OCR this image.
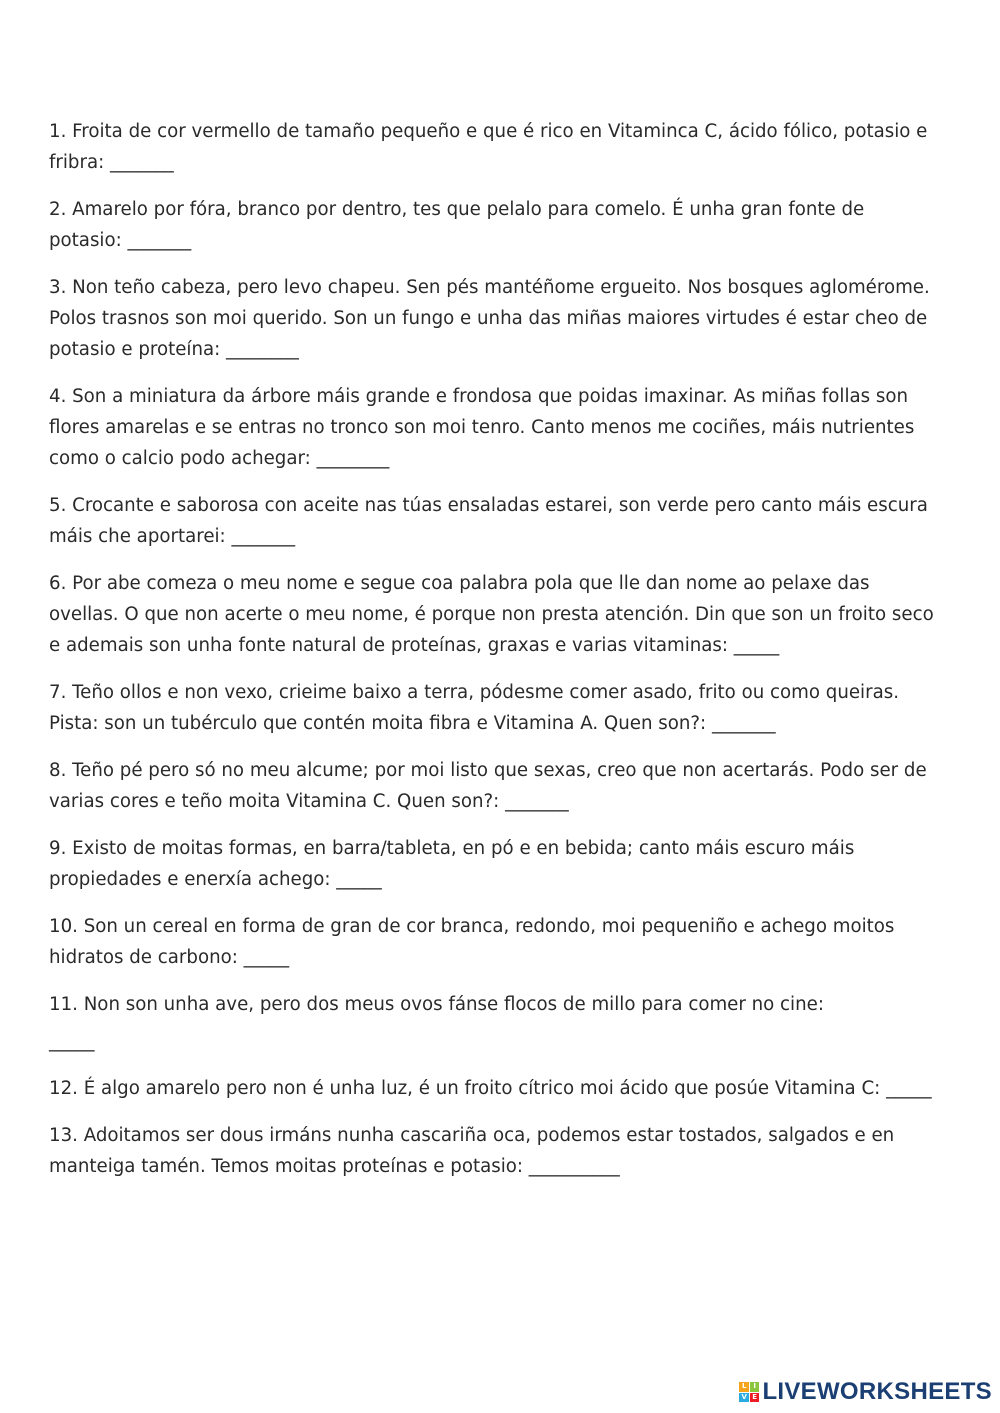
1. Froita de cor vermello de tamaño pequeño e que é rico en Vitaminca C, ácido fólico, potasio e fribra: _______

2. Amarelo por fóra, branco por dentro, tes que pelalo para comelo. É unha gran fonte de potasio: _______

3. Non teño cabeza, pero levo chapeu. Sen pés mantéñome ergueito. Nos bosques aglomérome. Polos trasnos son moi querido. Son un fungo e unha das miñas maiores virtudes é estar cheo de potasio e proteína: ________

4. Son a miniatura da árbore máis grande e frondosa que poidas imaxinar. As miñas follas son flores amarelas e se entras no tronco son moi tenro. Canto menos me cociñes, máis nutrientes como o calcio podo achegar: ________

5. Crocante e saborosa con aceite nas túas ensaladas estarei, son verde pero canto máis escura máis che aportarei: _______

6. Por abe comeza o meu nome e segue coa palabra pola que lle dan nome ao pelaxe das ovellas. O que non acerte o meu nome, é porque non presta atención. Din que son un froito seco e ademais son unha fonte natural de proteínas, graxas e varias vitaminas: _____

7. Teño ollos e non vexo, crieime baixo a terra, pódesme comer asado, frito ou como queiras. Pista: son un tubérculo que contén moita fibra e Vitamina A. Quen son?: _______

8. Teño pé pero só no meu alcume; por moi listo que sexas, creo que non acertarás. Podo ser de varias cores e teño moita Vitamina C. Quen son?: _______

9. Existo de moitas formas, en barra/tableta, en pó e en bebida; canto máis escuro máis propiedades e enerxía achego: _____

10. Son un cereal en forma de gran de cor branca, redondo, moi pequeniño e achego moitos hidratos de carbono: _____

11. Non son unha ave, pero dos meus ovos fánse flocos de millo para comer no cine:

_____

12. É algo amarelo pero non é unha luz, é un froito cítrico moi ácido que posúe Vitamina C: _____

13. Adoitamos ser dous irmáns nunha cascariña oca, podemos estar tostados, salgados e en manteiga tamén. Temos moitas proteínas e potasio: __________

L I
V E LIVEWORKSHEETS
